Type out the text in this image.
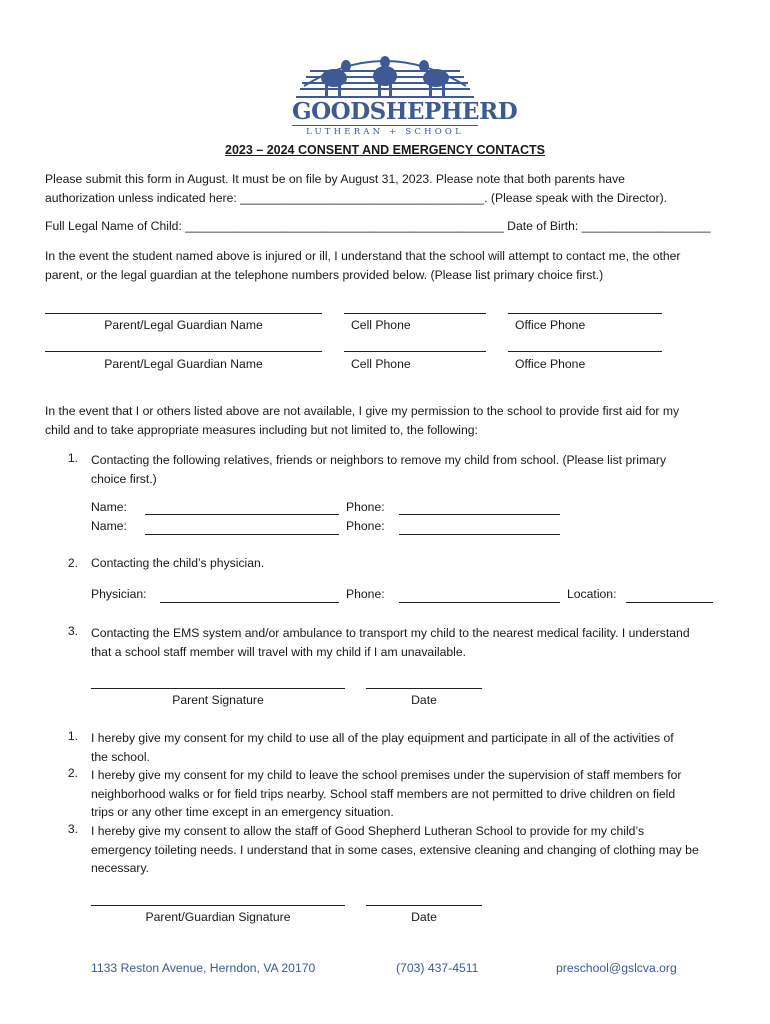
GOODSHEPHERD
LUTHERAN + SCHOOL
2023 – 2024 CONSENT AND EMERGENCY CONTACTS
Please submit this form in August. It must be on file by August 31, 2023. Please note that both parents have
authorization unless indicated here: ____________________________________. (Please speak with the Director).
Full Legal Name of Child: _______________________________________________ Date of Birth: ___________________
In the event the student named above is injured or ill, I understand that the school will attempt to contact me, the other
parent, or the legal guardian at the telephone numbers provided below. (Please list primary choice first.)
Parent/Legal Guardian Name	Cell Phone	Office Phone
Parent/Legal Guardian Name	Cell Phone	Office Phone
In the event that I or others listed above are not available, I give my permission to the school to provide first aid for my
child and to take appropriate measures including but not limited to, the following:
1. Contacting the following relatives, friends or neighbors to remove my child from school. (Please list primary
choice first.)
Name:	Phone:
Name:	Phone:
2. Contacting the child’s physician.
Physician:	Phone:	Location:
3. Contacting the EMS system and/or ambulance to transport my child to the nearest medical facility. I understand
that a school staff member will travel with my child if I am unavailable.
Parent Signature	Date
1. I hereby give my consent for my child to use all of the play equipment and participate in all of the activities of
the school.
2. I hereby give my consent for my child to leave the school premises under the supervision of staff members for
neighborhood walks or for field trips nearby. School staff members are not permitted to drive children on field
trips or any other time except in an emergency situation.
3. I hereby give my consent to allow the staff of Good Shepherd Lutheran School to provide for my child’s
emergency toileting needs. I understand that in some cases, extensive cleaning and changing of clothing may be
necessary.
Parent/Guardian Signature	Date
1133 Reston Avenue, Herndon, VA 20170	(703) 437-4511	preschool@gslcva.org
